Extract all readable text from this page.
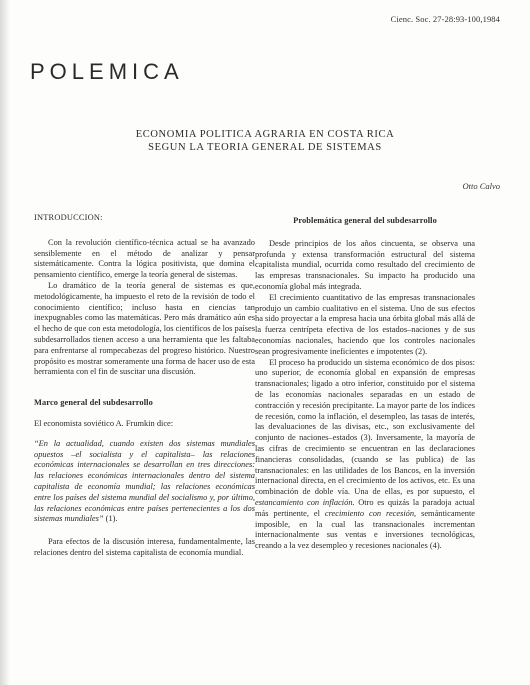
Cienc. Soc. 27-28:93-100,1984
POLEMICA
ECONOMIA POLITICA AGRARIA EN COSTA RICA
SEGUN LA TEORIA GENERAL DE SISTEMAS
Otto Calvo
INTRODUCCION:

Con la revolución científico-técnica actual se ha avanzado sensiblemente en el método de analizar y pensar sistemáticamente. Contra la lógica positivista, que domina el pensamiento científico, emerge la teoría general de sistemas.

Lo dramático de la teoría general de sistemas es que, metodológicamente, ha impuesto el reto de la revisión de todo el conocimiento científico; incluso hasta en ciencias tan inexpugnables como las matemáticas. Pero más dramático aún es el hecho de que con esta metodología, los científicos de los países subdesarrollados tienen acceso a una herramienta que les faltaba para enfrentarse al rompecabezas del progreso histórico. Nuestro propósito es mostrar someramente una forma de hacer uso de esta herramienta con el fin de suscitar una discusión.

Marco general del subdesarrollo

El economista soviético A. Frumkin dice:

“En la actualidad, cuando existen dos sistemas mundiales opuestos –el socialista y el capitalista– las relaciones económicas internacionales se desarrollan en tres direcciones: las relaciones económicas internacionales dentro del sistema capitalista de economía mundial; las relaciones económicas entre los países del sistema mundial del socialismo y, por último, las relaciones económicas entre países pertenecientes a los dos sistemas mundiales” (1).

Para efectos de la discusión interesa, fundamentalmente, las relaciones dentro del sistema capitalista de economía mundial.

Problemática general del subdesarrollo

Desde principios de los años cincuenta, se observa una profunda y extensa transformación estructural del sistema capitalista mundial, ocurrida como resultado del crecimiento de las empresas transnacionales. Su impacto ha producido una economía global más integrada.

El crecimiento cuantitativo de las empresas transnacionales produjo un cambio cualitativo en el sistema. Uno de sus efectos ha sido proyectar a la empresa hacia una órbita global más allá de la fuerza centrípeta efectiva de los estados–naciones y de sus economías nacionales, haciendo que los controles nacionales sean progresivamente ineficientes e impotentes (2).

El proceso ha producido un sistema económico de dos pisos: uno superior, de economía global en expansión de empresas transnacionales; ligado a otro inferior, constituido por el sistema de las economías nacionales separadas en un estado de contracción y recesión precipitante. La mayor parte de los índices de recesión, como la inflación, el desempleo, las tasas de interés, las devaluaciones de las divisas, etc., son exclusivamente del conjunto de naciones–estados (3). Inversamente, la mayoría de las cifras de crecimiento se encuentran en las declaraciones financieras consolidadas, (cuando se las publica) de las transnacionales: en las utilidades de los Bancos, en la inversión internacional directa, en el crecimiento de los activos, etc. Es una combinación de doble vía. Una de ellas, es por supuesto, el estancamiento con inflación. Otro es quizás la paradoja actual más pertinente, el crecimiento con recesión, semánticamente imposible, en la cual las transnacionales incrementan internacionalmente sus ventas e inversiones tecnológicas, creando a la vez desempleo y recesiones nacionales (4).
